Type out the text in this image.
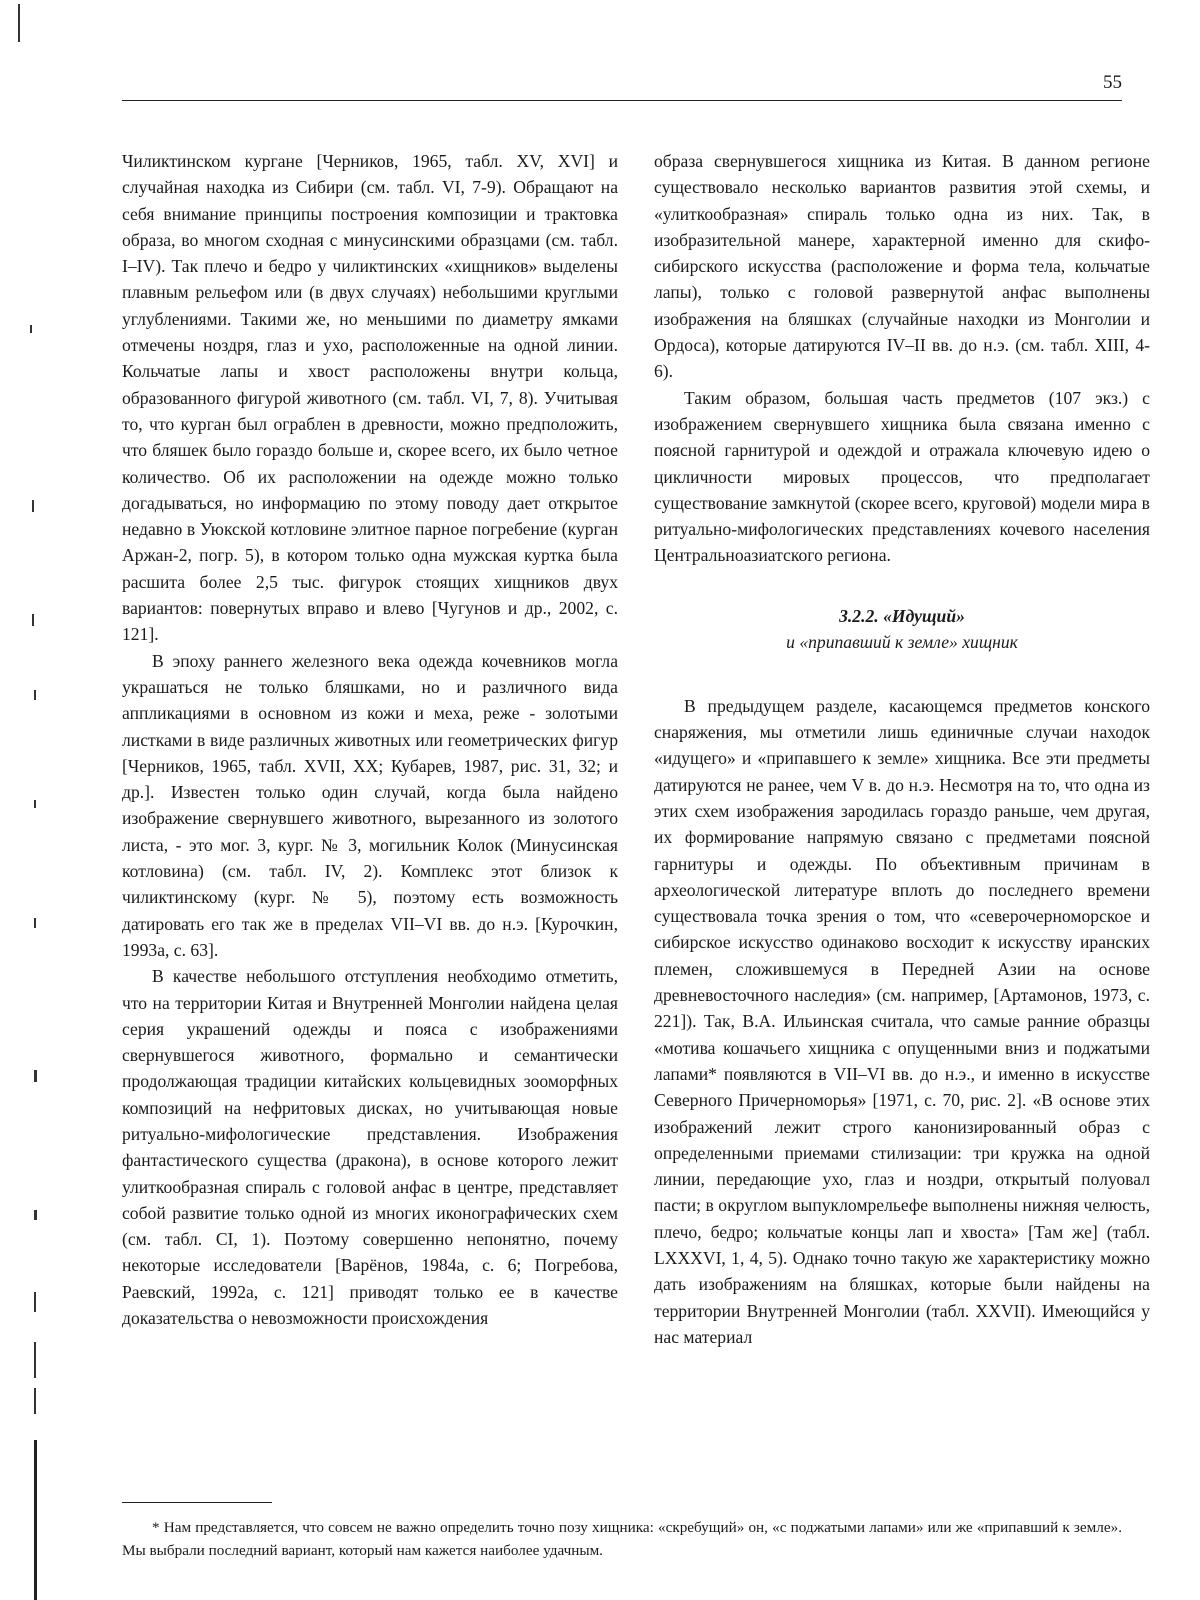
55

Чиликтинском кургане [Черников, 1965, табл. XV, XVI] и случайная находка из Сибири (см. табл. VI, 7-9). Обращают на себя внимание принципы построения композиции и трактовка образа, во многом сходная с минусинскими образцами (см. табл. I–IV). Так плечо и бедро у чиликтинских «хищников» выделены плавным рельефом или (в двух случаях) небольшими круглыми углублениями. Такими же, но меньшими по диаметру ямками отмечены ноздря, глаз и ухо, расположенные на одной линии. Кольчатые лапы и хвост расположены внутри кольца, образованного фигурой животного (см. табл. VI, 7, 8). Учитывая то, что курган был ограблен в древности, можно предположить, что бляшек было гораздо больше и, скорее всего, их было четное количество. Об их расположении на одежде можно только догадываться, но информацию по этому поводу дает открытое недавно в Уюкской котловине элитное парное погребение (курган Аржан-2, погр. 5), в котором только одна мужская куртка была расшита более 2,5 тыс. фигурок стоящих хищников двух вариантов: повернутых вправо и влево [Чугунов и др., 2002, с. 121].

В эпоху раннего железного века одежда кочевников могла украшаться не только бляшками, но и различного вида аппликациями в основном из кожи и меха, реже - золотыми листками в виде различных животных или геометрических фигур [Черников, 1965, табл. XVII, XX; Кубарев, 1987, рис. 31, 32; и др.]. Известен только один случай, когда была найдено изображение свернувшего животного, вырезанного из золотого листа, - это мог. 3, кург. № 3, могильник Колок (Минусинская котловина) (см. табл. IV, 2). Комплекс этот близок к чиликтинскому (кург. № 5), поэтому есть возможность датировать его так же в пределах VII–VI вв. до н.э. [Курочкин, 1993а, с. 63].

В качестве небольшого отступления необходимо отметить, что на территории Китая и Внутренней Монголии найдена целая серия украшений одежды и пояса с изображениями свернувшегося животного, формально и семантически продолжающая традиции китайских кольцевидных зооморфных композиций на нефритовых дисках, но учитывающая новые ритуально-мифологические представления. Изображения фантастического существа (дракона), в основе которого лежит улиткообразная спираль с головой анфас в центре, представляет собой развитие только одной из многих иконографических схем (см. табл. CI, 1). Поэтому совершенно непонятно, почему некоторые исследователи [Варёнов, 1984а, с. 6; Погребова, Раевский, 1992а, с. 121] приводят только ее в качестве доказательства о невозможности происхождения

образа свернувшегося хищника из Китая. В данном регионе существовало несколько вариантов развития этой схемы, и «улиткообразная» спираль только одна из них. Так, в изобразительной манере, характерной именно для скифо-сибирского искусства (расположение и форма тела, кольчатые лапы), только с головой развернутой анфас выполнены изображения на бляшках (случайные находки из Монголии и Ордоса), которые датируются IV–II вв. до н.э. (см. табл. XIII, 4-6).

Таким образом, большая часть предметов (107 экз.) с изображением свернувшего хищника была связана именно с поясной гарнитурой и одеждой и отражала ключевую идею о цикличности мировых процессов, что предполагает существование замкнутой (скорее всего, круговой) модели мира в ритуально-мифологических представлениях кочевого населения Центральноазиатского региона.

3.2.2. «Идущий»
и «припавший к земле» хищник

В предыдущем разделе, касающемся предметов конского снаряжения, мы отметили лишь единичные случаи находок «идущего» и «припавшего к земле» хищника. Все эти предметы датируются не ранее, чем V в. до н.э. Несмотря на то, что одна из этих схем изображения зародилась гораздо раньше, чем другая, их формирование напрямую связано с предметами поясной гарнитуры и одежды. По объективным причинам в археологической литературе вплоть до последнего времени существовала точка зрения о том, что «северочерноморское и сибирское искусство одинаково восходит к искусству иранских племен, сложившемуся в Передней Азии на основе древневосточного наследия» (см. например, [Артамонов, 1973, с. 221]). Так, В.А. Ильинская считала, что самые ранние образцы «мотива кошачьего хищника с опущенными вниз и поджатыми лапами* появляются в VII–VI вв. до н.э., и именно в искусстве Северного Причерноморья» [1971, с. 70, рис. 2]. «В основе этих изображений лежит строго канонизированный образ с определенными приемами стилизации: три кружка на одной линии, передающие ухо, глаз и ноздри, открытый полуовал пасти; в округлом выпукломрельефе выполнены нижняя челюсть, плечо, бедро; кольчатые концы лап и хвоста» [Там же] (табл. LXXXVI, 1, 4, 5). Однако точно такую же характеристику можно дать изображениям на бляшках, которые были найдены на территории Внутренней Монголии (табл. XXVII). Имеющийся у нас материал

* Нам представляется, что совсем не важно определить точно позу хищника: «скребущий» он, «с поджатыми лапами» или же «припавший к земле». Мы выбрали последний вариант, который нам кажется наиболее удачным.
